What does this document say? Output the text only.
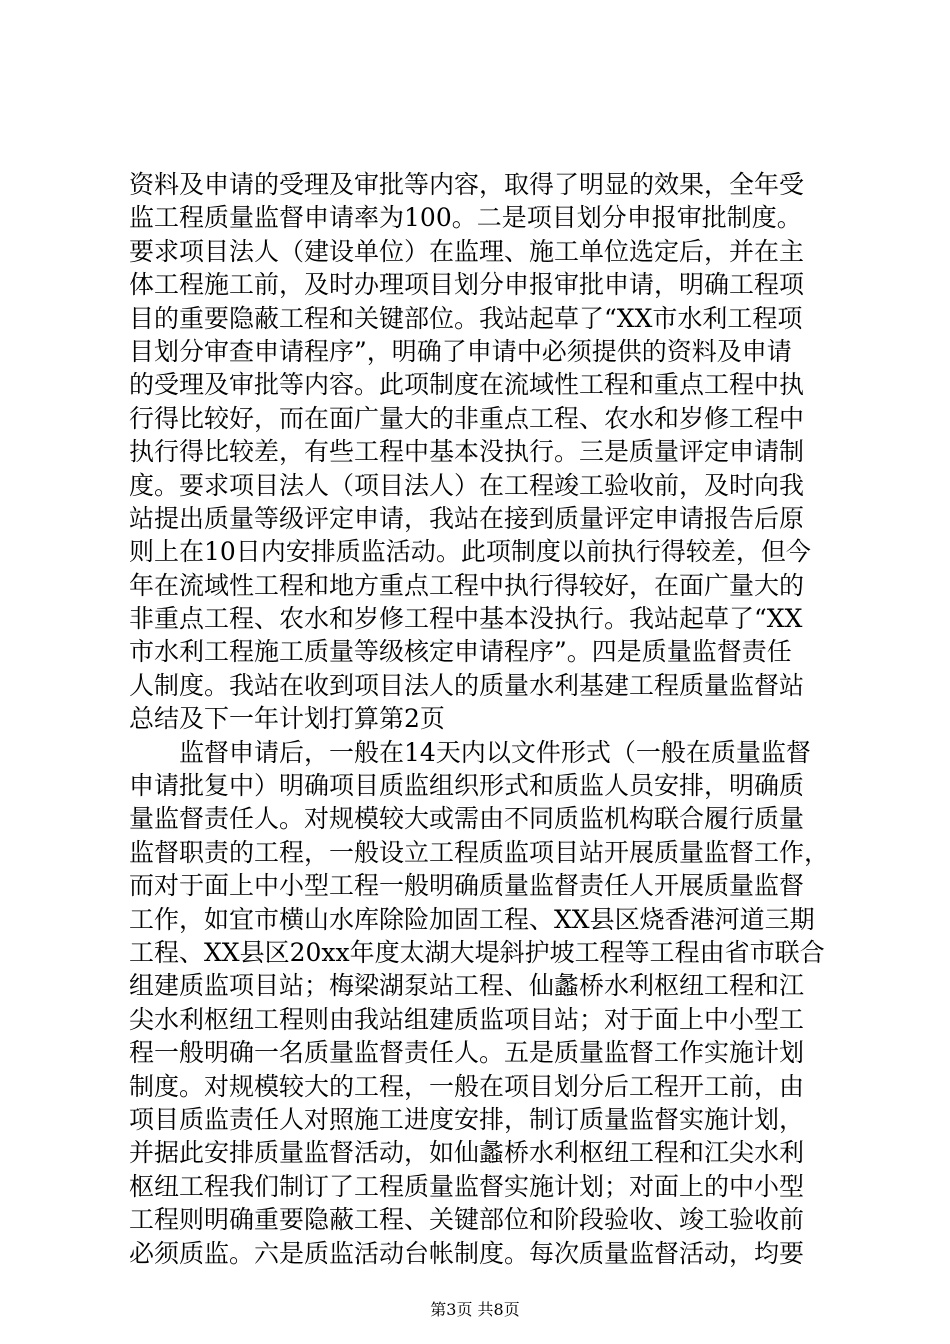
资料及申请的受理及审批等内容，取得了明显的效果，全年受
监工程质量监督申请率为100。二是项目划分申报审批制度。
要求项目法人（建设单位）在监理、施工单位选定后，并在主
体工程施工前，及时办理项目划分申报审批申请，明确工程项
目的重要隐蔽工程和关键部位。我站起草了“XX市水利工程项
目划分审查申请程序”，明确了申请中必须提供的资料及申请
的受理及审批等内容。此项制度在流域性工程和重点工程中执
行得比较好，而在面广量大的非重点工程、农水和岁修工程中
执行得比较差，有些工程中基本没执行。三是质量评定申请制
度。要求项目法人（项目法人）在工程竣工验收前，及时向我
站提出质量等级评定申请，我站在接到质量评定申请报告后原
则上在10日内安排质监活动。此项制度以前执行得较差，但今
年在流域性工程和地方重点工程中执行得较好，在面广量大的
非重点工程、农水和岁修工程中基本没执行。我站起草了“XX
市水利工程施工质量等级核定申请程序”。四是质量监督责任
人制度。我站在收到项目法人的质量水利基建工程质量监督站
总结及下一年计划打算第2页
监督申请后，一般在14天内以文件形式（一般在质量监督
申请批复中）明确项目质监组织形式和质监人员安排，明确质
量监督责任人。对规模较大或需由不同质监机构联合履行质量
监督职责的工程，一般设立工程质监项目站开展质量监督工作，
而对于面上中小型工程一般明确质量监督责任人开展质量监督
工作，如宜市横山水库除险加固工程、XX县区烧香港河道三期
工程、XX县区20xx年度太湖大堤斜护坡工程等工程由省市联合
组建质监项目站；梅梁湖泵站工程、仙蠡桥水利枢纽工程和江
尖水利枢纽工程则由我站组建质监项目站；对于面上中小型工
程一般明确一名质量监督责任人。五是质量监督工作实施计划
制度。对规模较大的工程，一般在项目划分后工程开工前，由
项目质监责任人对照施工进度安排，制订质量监督实施计划，
并据此安排质量监督活动，如仙蠡桥水利枢纽工程和江尖水利
枢纽工程我们制订了工程质量监督实施计划；对面上的中小型
工程则明确重要隐蔽工程、关键部位和阶段验收、竣工验收前
必须质监。六是质监活动台帐制度。每次质量监督活动，均要
第3页 共8页
